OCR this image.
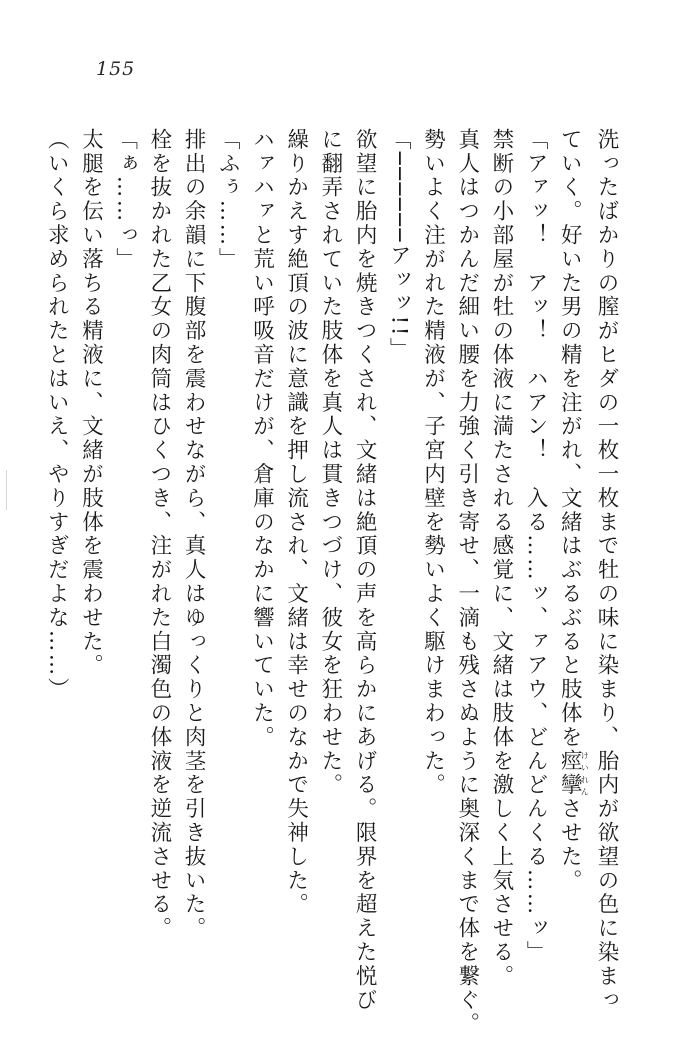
155

洗ったばかりの膣がヒダの一枚一枚まで牡の味に染まり、胎内が欲望の色に染まっ

ていく。好いた男の精を注がれ、文緒はぶるぶると肢体を痙攣けいれんさせた。

「アァッ！　アッ！　ハアン！　入る……ッ、ァアウ、どんどんくる……ッ」

禁断の小部屋が牡の体液に満たされる感覚に、文緒は肢体を激しく上気させる。

真人はつかんだ細い腰を力強く引き寄せ、一滴も残さぬように奥深くまで体を繋ぐ。

勢いよく注がれた精液が、子宮内壁を勢いよく駆けまわった。

「──────アッッ!!」

欲望に胎内を焼きつくされ、文緒は絶頂の声を高らかにあげる。限界を超えた悦び

に翻弄されていた肢体を真人は貫きつづけ、彼女を狂わせた。

繰りかえす絶頂の波に意識を押し流され、文緒は幸せのなかで失神した。

ハァハァと荒い呼吸音だけが、倉庫のなかに響いていた。

「ふぅ……」

排出の余韻に下腹部を震わせながら、真人はゆっくりと肉茎を引き抜いた。

栓を抜かれた乙女の肉筒はひくつき、注がれた白濁色の体液を逆流させる。

「ぁ……っ」

太腿を伝い落ちる精液に、文緒が肢体を震わせた。

（いくら求められたとはいえ、やりすぎだよな……）
